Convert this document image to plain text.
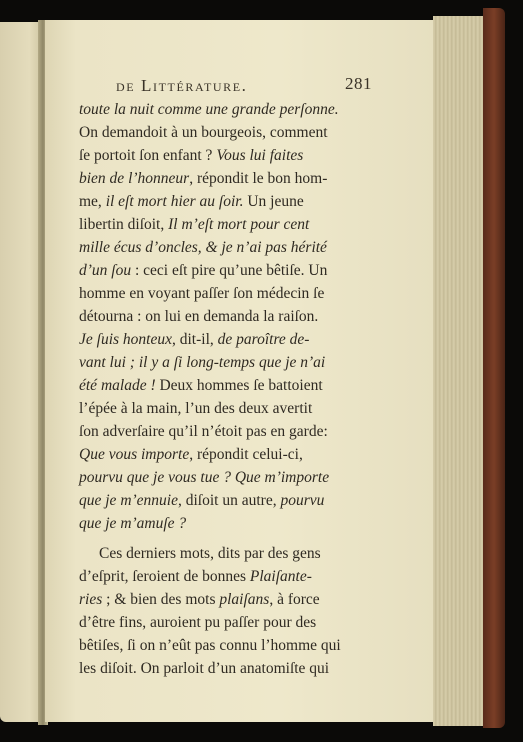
de Littérature.	281
toute la nuit comme une grande perſonne.
On demandoit à un bourgeois, comment
ſe portoit ſon enfant ? Vous lui faites
bien de l’honneur, répondit le bon hom-
me, il eſt mort hier au ſoir. Un jeune
libertin diſoit, Il m’eſt mort pour cent
mille écus d’oncles, & je n’ai pas hérité
d’un ſou : ceci eſt pire qu’une bêtiſe. Un
homme en voyant paſſer ſon médecin ſe
détourna : on lui en demanda la raiſon.
Je ſuis honteux, dit-il, de paroître de-
vant lui ; il y a ſi long-temps que je n’ai
été malade ! Deux hommes ſe battoient
l’épée à la main, l’un des deux avertit
ſon adverſaire qu’il n’étoit pas en garde:
Que vous importe, répondit celui-ci,
pourvu que je vous tue ? Que m’importe
que je m’ennuie, diſoit un autre, pourvu
que je m’amuſe ?
Ces derniers mots, dits par des gens
d’eſprit, ſeroient de bonnes Plaiſante-
ries ; & bien des mots plaiſans, à force
d’être fins, auroient pu paſſer pour des
bêtiſes, ſi on n’eût pas connu l’homme qui
les diſoit. On parloit d’un anatomiſte qui
